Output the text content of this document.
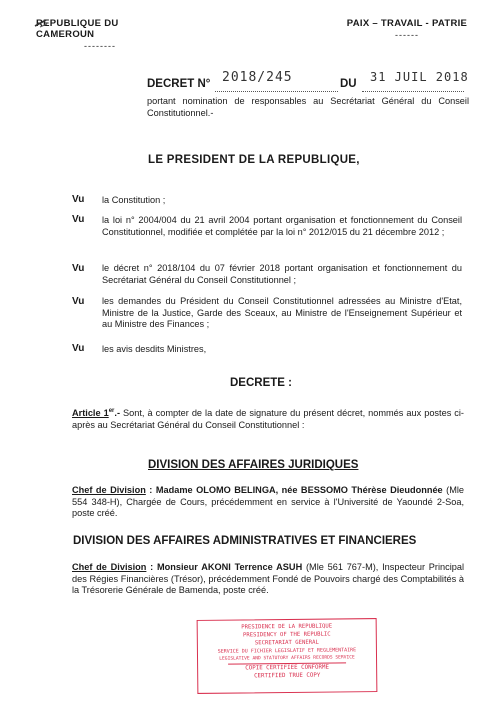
REPUBLIQUE DU CAMEROUN
--------
PAIX – TRAVAIL - PATRIE
------
DECRET N° 2018/245	DU 31 JUIL 2018
portant nomination de responsables au Secrétariat Général du Conseil Constitutionnel.-
LE PRESIDENT DE LA REPUBLIQUE,
Vu la Constitution ;
Vu la loi n° 2004/004 du 21 avril 2004 portant organisation et fonctionnement du Conseil Constitutionnel, modifiée et complétée par la loi n° 2012/015 du 21 décembre 2012 ;
Vu le décret n° 2018/104 du 07 février 2018 portant organisation et fonctionnement du Secrétariat Général du Conseil Constitutionnel ;
Vu les demandes du Président du Conseil Constitutionnel adressées au Ministre d'Etat, Ministre de la Justice, Garde des Sceaux, au Ministre de l'Enseignement Supérieur et au Ministre des Finances ;
Vu les avis desdits Ministres,
DECRETE :
Article 1er.- Sont, à compter de la date de signature du présent décret, nommés aux postes ci-après au Secrétariat Général du Conseil Constitutionnel :
DIVISION DES AFFAIRES JURIDIQUES
Chef de Division : Madame OLOMO BELINGA, née BESSOMO Thérèse Dieudonnée (Mle 554 348-H), Chargée de Cours, précédemment en service à l'Université de Yaoundé 2-Soa, poste créé.
DIVISION DES AFFAIRES ADMINISTRATIVES ET FINANCIERES
Chef de Division : Monsieur AKONI Terrence ASUH (Mle 561 767-M), Inspecteur Principal des Régies Financières (Trésor), précédemment Fondé de Pouvoirs chargé des Comptabilités à la Trésorerie Générale de Bamenda, poste créé.
PRESIDENCE DE LA REPUBLIQUE
PRESIDENCY OF THE REPUBLIC
SECRETARIAT GENERAL
SERVICE DU FICHIER LEGISLATIF ET REGLEMENTAIRE
LEGISLATIVE AND STATUTORY AFFAIRS RECORDS SERVICE
COPIE CERTIFIEE CONFORME
CERTIFIED TRUE COPY
